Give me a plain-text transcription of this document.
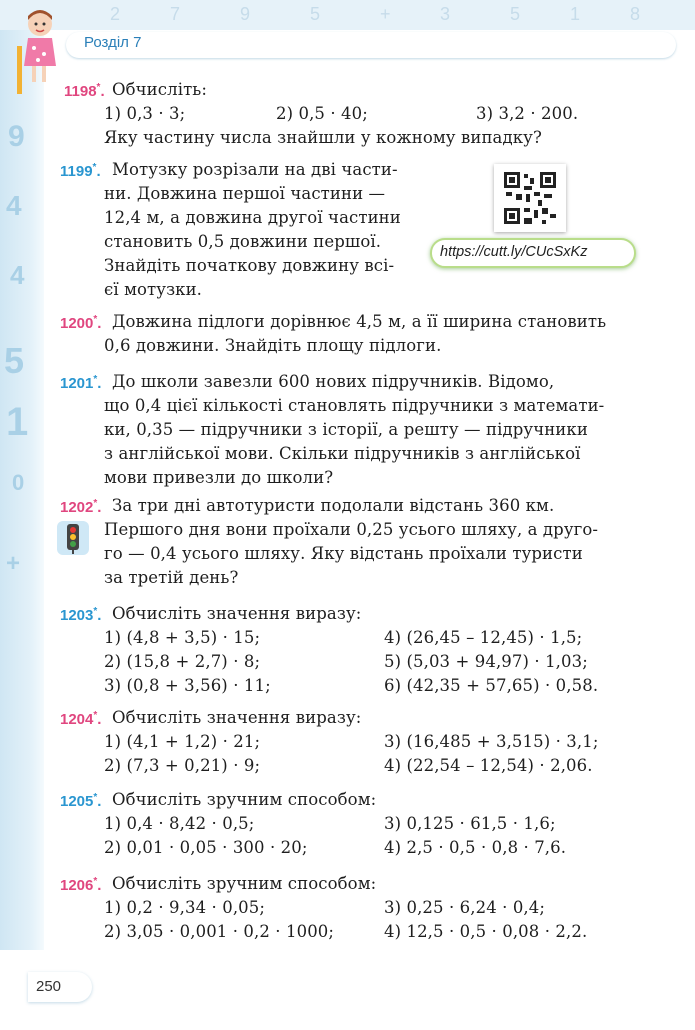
2	7	9	5	+	3	5	1	8
9
4
4
5
1
0
+
Розділ 7
1198*. Обчисліть:
1) 0,3 · 3;	2) 0,5 · 40;	3) 3,2 · 200.
Яку частину числа знайшли у кожному випадку?
1199*. Мотузку розрізали на дві части-
ни. Довжина першої частини —
12,4 м, а довжина другої частини
становить 0,5 довжини першої.
Знайдіть початкову довжину всі-
єї мотузки.
https://cutt.ly/CUcSxKz
1200*. Довжина підлоги дорівнює 4,5 м, а її ширина становить
0,6 довжини. Знайдіть площу підлоги.
1201*. До школи завезли 600 нових підручників. Відомо,
що 0,4 цієї кількості становлять підручники з математи-
ки, 0,35 — підручники з історії, а решту — підручники
з англійської мови. Скільки підручників з англійської
мови привезли до школи?
1202*. За три дні автотуристи подолали відстань 360 км.
Першого дня вони проїхали 0,25 усього шляху, а друго-
го — 0,4 усього шляху. Яку відстань проїхали туристи
за третій день?
1203*. Обчисліть значення виразу:
1) (4,8 + 3,5) · 15;
2) (15,8 + 2,7) · 8;
3) (0,8 + 3,56) · 11;
4) (26,45 – 12,45) · 1,5;
5) (5,03 + 94,97) · 1,03;
6) (42,35 + 57,65) · 0,58.
1204*. Обчисліть значення виразу:
1) (4,1 + 1,2) · 21;
2) (7,3 + 0,21) · 9;
3) (16,485 + 3,515) · 3,1;
4) (22,54 – 12,54) · 2,06.
1205*. Обчисліть зручним способом:
1) 0,4 · 8,42 · 0,5;
2) 0,01 · 0,05 · 300 · 20;
3) 0,125 · 61,5 · 1,6;
4) 2,5 · 0,5 · 0,8 · 7,6.
1206*. Обчисліть зручним способом:
1) 0,2 · 9,34 · 0,05;
2) 3,05 · 0,001 · 0,2 · 1000;
3) 0,25 · 6,24 · 0,4;
4) 12,5 · 0,5 · 0,08 · 2,2.
250
